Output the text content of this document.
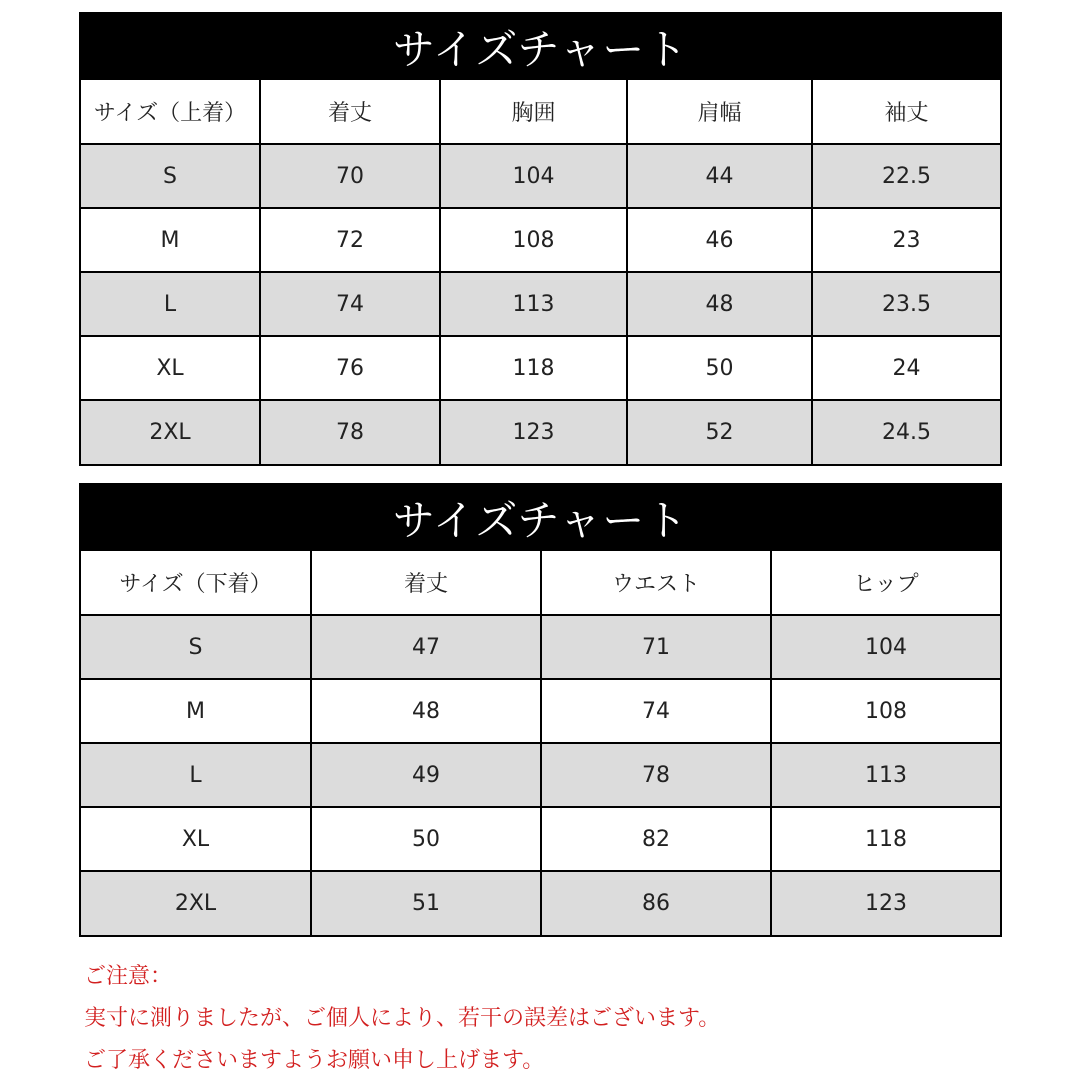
サイズチャート
サイズ（上着）	着丈	胸囲	肩幅	袖丈
S	70	104	44	22.5
M	72	108	46	23
L	74	113	48	23.5
XL	76	118	50	24
2XL	78	123	52	24.5
サイズチャート
サイズ（下着）	着丈	ウエスト	ヒップ
S	47	71	104
M	48	74	108
L	49	78	113
XL	50	82	118
2XL	51	86	123
ご注意：
実寸に測りましたが、ご個人により、若干の誤差はございます。
ご了承くださいますようお願い申し上げます。
